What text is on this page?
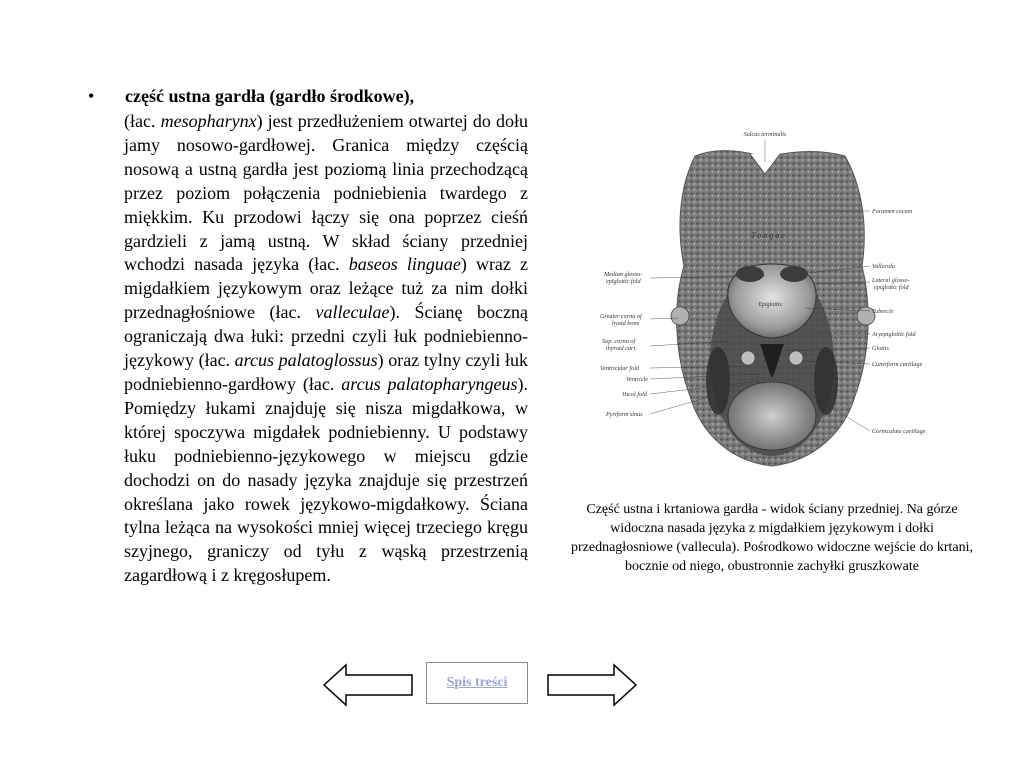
• część ustna gardła (gardło środkowe),

(łac. mesopharynx) jest przedłużeniem otwartej do dołu jamy nosowo-gardłowej. Granica między częścią nosową a ustną gardła jest poziomą linia przechodzącą przez poziom połączenia podniebienia twardego z miękkim. Ku przodowi łączy się ona poprzez cieśń gardzieli z jamą ustną. W skład ściany przedniej wchodzi nasada języka (łac. baseos linguae) wraz z migdałkiem językowym oraz leżące tuż za nim dołki przednagłośniowe (łac. valleculae). Ścianę boczną ograniczają dwa łuki: przedni czyli łuk podniebienno-językowy (łac. arcus palatoglossus) oraz tylny czyli łuk podniebienno-gardłowy (łac. arcus palatopharyngeus). Pomiędzy łukami znajduję się nisza migdałkowa, w której spoczywa migdałek podniebienny. U podstawy łuku podniebienno-językowego w miejscu gdzie dochodzi on do nasady języka znajduje się przestrzeń określana jako rowek językowo-migdałkowy. Ściana tylna leżąca na wysokości mniej więcej trzeciego kręgu szyjnego, graniczy od tyłu z wąską przestrzenią zagardłową i z kręgosłupem.

Sulcus terminalis
Foramen cecum
T o n g u e
Epiglottis
Median glosso-
epiglottic fold
Greater cornu of
hyoid bone
Sup. cornu of
thyroid cart.
Ventricular fold
Ventricle
Vocal fold
Pyriform sinus
Vallecula
Lateral glosso-
epiglottic fold
Tubercle
Aryepiglottic fold
Glottis
Cuneiform cartilage
Corniculate cartilage
Część ustna i krtaniowa gardła - widok ściany przedniej. Na górze widoczna nasada języka z migdałkiem językowym i dołki przednagłosniowe (vallecula). Pośrodkowo widoczne wejście do krtani, bocznie od niego, obustronnie zachyłki gruszkowate
Spis treści
